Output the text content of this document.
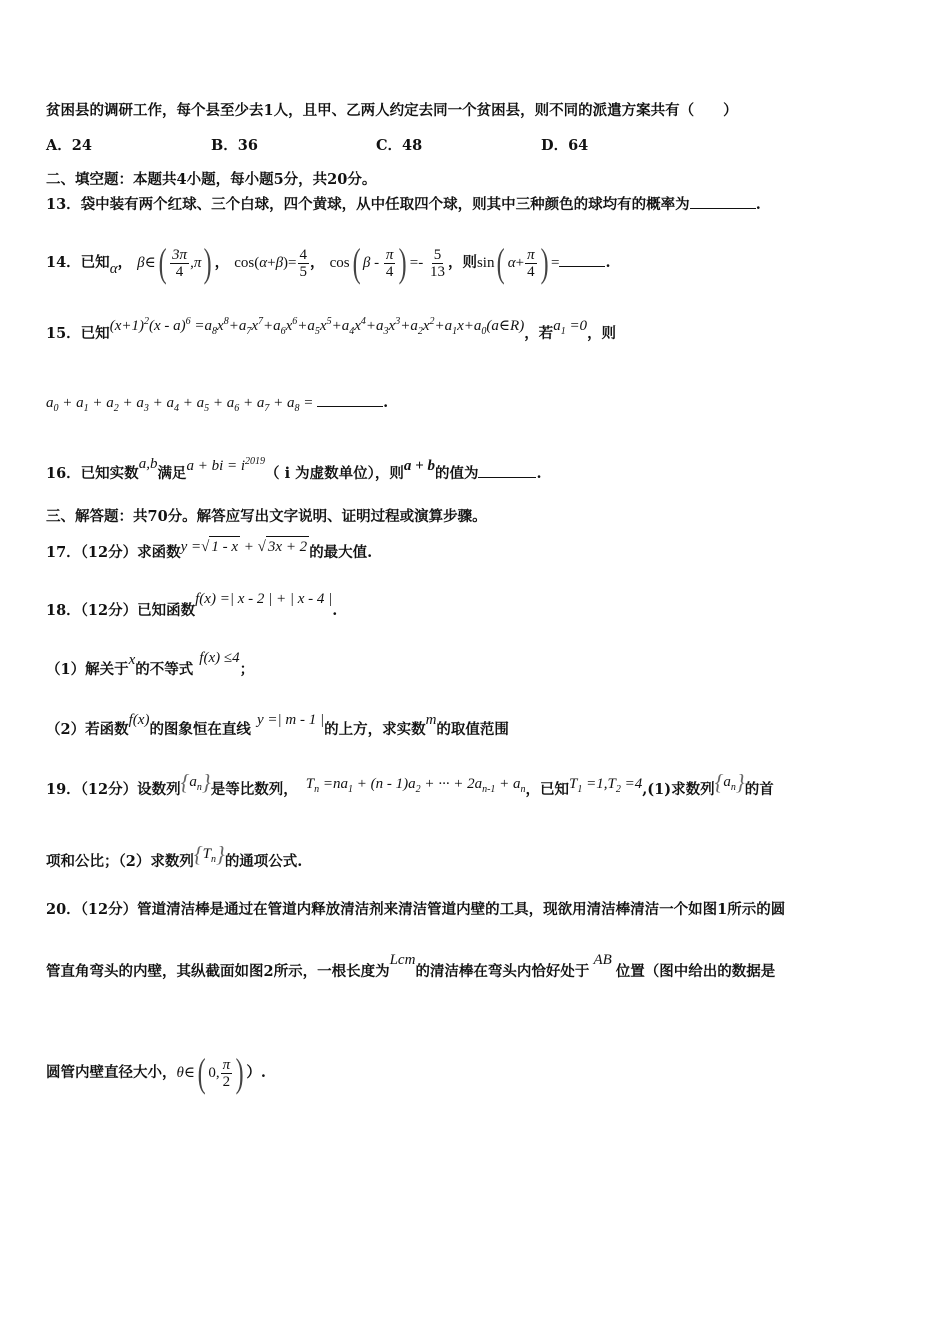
贫困县的调研工作，每个县至少去1人，且甲、乙两人约定去同一个贫困县，则不同的派遣方案共有（　　）
A．24	B．36	C．48	D．64
二、填空题：本题共4小题，每小题5分，共20分。
13．袋中装有两个红球、三个白球，四个黄球，从中任取四个球，则其中三种颜色的球均有的概率为	.
14．已知α， β∈( $\frac{3\pi}{4} ,\pi$) ， $\cos(\alpha+\beta)= \frac{4}{5}$ ， cos( β - $\frac{\pi}{4}$ ) =- $\frac{5}{13}$ ，则sin( $\alpha+ \frac{\pi}{4}$ ) =	.
15．已知$(x+1)^2(x - a)^6$ $=a_8x^8+a_7x^7+a_6x^6+a_5x^5+a_4x^4+a_3x^3+a_2x^2+a_1x+a_0(a\in R)$，若$a_1 =0$，则
$a_0 + a_1 + a_2 + a_3 + a_4 + a_5 + a_6 + a_7 + a_8$ =	.
16．已知实数a,b满足a + bi = $i^{2019}$（ i 为虚数单位），则a + b的值为	.
三、解答题：共70分。解答应写出文字说明、证明过程或演算步骤。
17．（12分）求函数y =√ 1 - x + √ 3x + 2 的最大值.
18．（12分）已知函数f(x) =| x - 2 | + | x - 4 |.
（1）解关于x的不等式f(x) ≤4；
（2）若函数f(x)的图象恒在直线y =| m - 1 |的上方，求实数m的取值范围
19．（12分）设数列$\{a_n\}$是等比数列， $T_n =na_1 + (n - 1)a_2$ + ··· + $2a_{n-1} + a_n$，已知$T_1 =1,T_2 =4,(1)$求数列$\{a_n\}$的首
项和公比；（2）求数列$\{T_n\}$的通项公式.
20．（12分）管道清洁棒是通过在管道内释放清洁剂来清洁管道内壁的工具，现欲用清洁棒清洁一个如图1所示的圆
管直角弯头的内壁，其纵截面如图2所示，一根长度为Lcm的清洁棒在弯头内恰好处于AB位置（图中给出的数据是
圆管内壁直径大小，θ∈( 0, $\frac{\pi}{2}$ ) ）.
